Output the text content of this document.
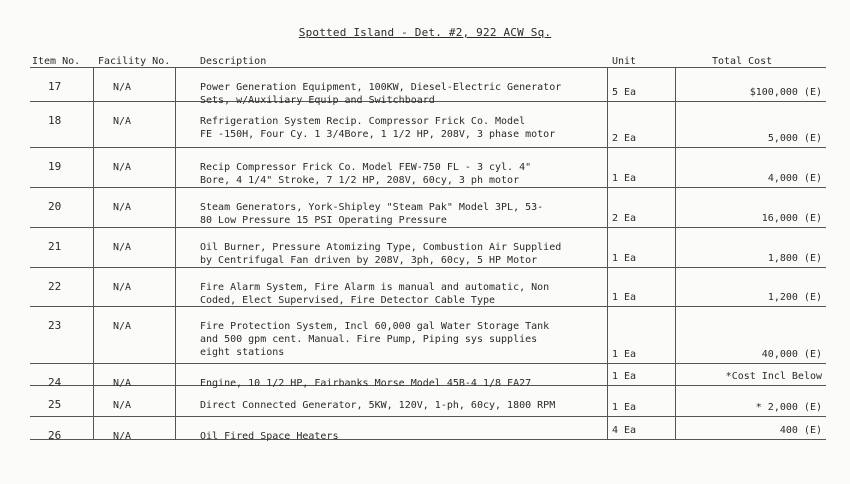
Spotted Island - Det. #2, 922 ACW Sq.
Item No. Facility No.	Description	Unit	Total Cost
17	N/A	Power Generation Equipment, 100KW, Diesel-Electric Generator
Sets, w/Auxiliary Equip and Switchboard
5 Ea	$100,000 (E)
18	N/A	Refrigeration System Recip. Compressor Frick Co. Model
FE -150H, Four Cy. 1 3/4Bore, 1 1/2 HP, 208V, 3 phase motor	2 Ea	5,000 (E)
19	N/A	Recip Compressor Frick Co. Model FEW-750 FL - 3 cyl. 4"
Bore, 4 1/4" Stroke, 7 1/2 HP, 208V, 60cy, 3 ph motor	1 Ea	4,000 (E)
20	N/A	Steam Generators, York-Shipley "Steam Pak" Model 3PL, 53-
80 Low Pressure 15 PSI Operating Pressure	2 Ea	16,000 (E)
21	N/A	Oil Burner, Pressure Atomizing Type, Combustion Air Supplied
by Centrifugal Fan driven by 208V, 3ph, 60cy, 5 HP Motor	1 Ea	1,800 (E)
22	N/A	Fire Alarm System, Fire Alarm is manual and automatic, Non
Coded, Elect Supervised, Fire Detector Cable Type	1 Ea	1,200 (E)
23	N/A	Fire Protection System, Incl 60,000 gal Water Storage Tank
and 500 gpm cent. Manual. Fire Pump, Piping sys supplies
eight stations	1 Ea	40,000 (E)
24	N/A	Engine, 10 1/2 HP, Fairbanks Morse Model 45B-4 1/8 FA27
1 Ea	*Cost Incl Below
25	N/A	Direct Connected Generator, 5KW, 120V, 1-ph, 60cy, 1800 RPM	1 Ea	* 2,000 (E)
26	N/A	Oil Fired Space Heaters
4 Ea	400 (E)
